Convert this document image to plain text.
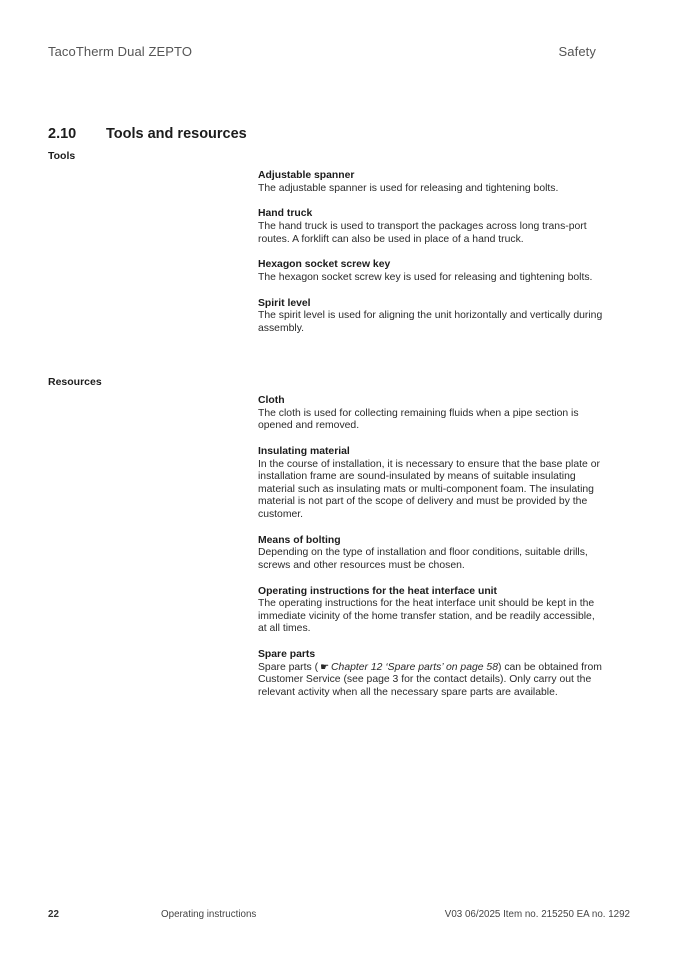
TacoTherm Dual ZEPTO	Safety
2.10 Tools and resources
Tools
Adjustable spanner
The adjustable spanner is used for releasing and tightening bolts.
Hand truck
The hand truck is used to transport the packages across long trans-port routes. A forklift can also be used in place of a hand truck.
Hexagon socket screw key
The hexagon socket screw key is used for releasing and tightening bolts.
Spirit level
The spirit level is used for aligning the unit horizontally and vertically during assembly.
Resources
Cloth
The cloth is used for collecting remaining fluids when a pipe section is opened and removed.
Insulating material
In the course of installation, it is necessary to ensure that the base plate or installation frame are sound-insulated by means of suitable insulating material such as insulating mats or multi-component foam. The insulating material is not part of the scope of delivery and must be provided by the customer.
Means of bolting
Depending on the type of installation and floor conditions, suitable drills, screws and other resources must be chosen.
Operating instructions for the heat interface unit
The operating instructions for the heat interface unit should be kept in the immediate vicinity of the home transfer station, and be readily accessible, at all times.
Spare parts
Spare parts ( ☛ Chapter 12 ‘Spare parts’ on page 58) can be obtained from Customer Service (see page 3 for the contact details). Only carry out the relevant activity when all the necessary spare parts are available.
22	Operating instructions	V03 06/2025 Item no. 215250 EA no. 1292
